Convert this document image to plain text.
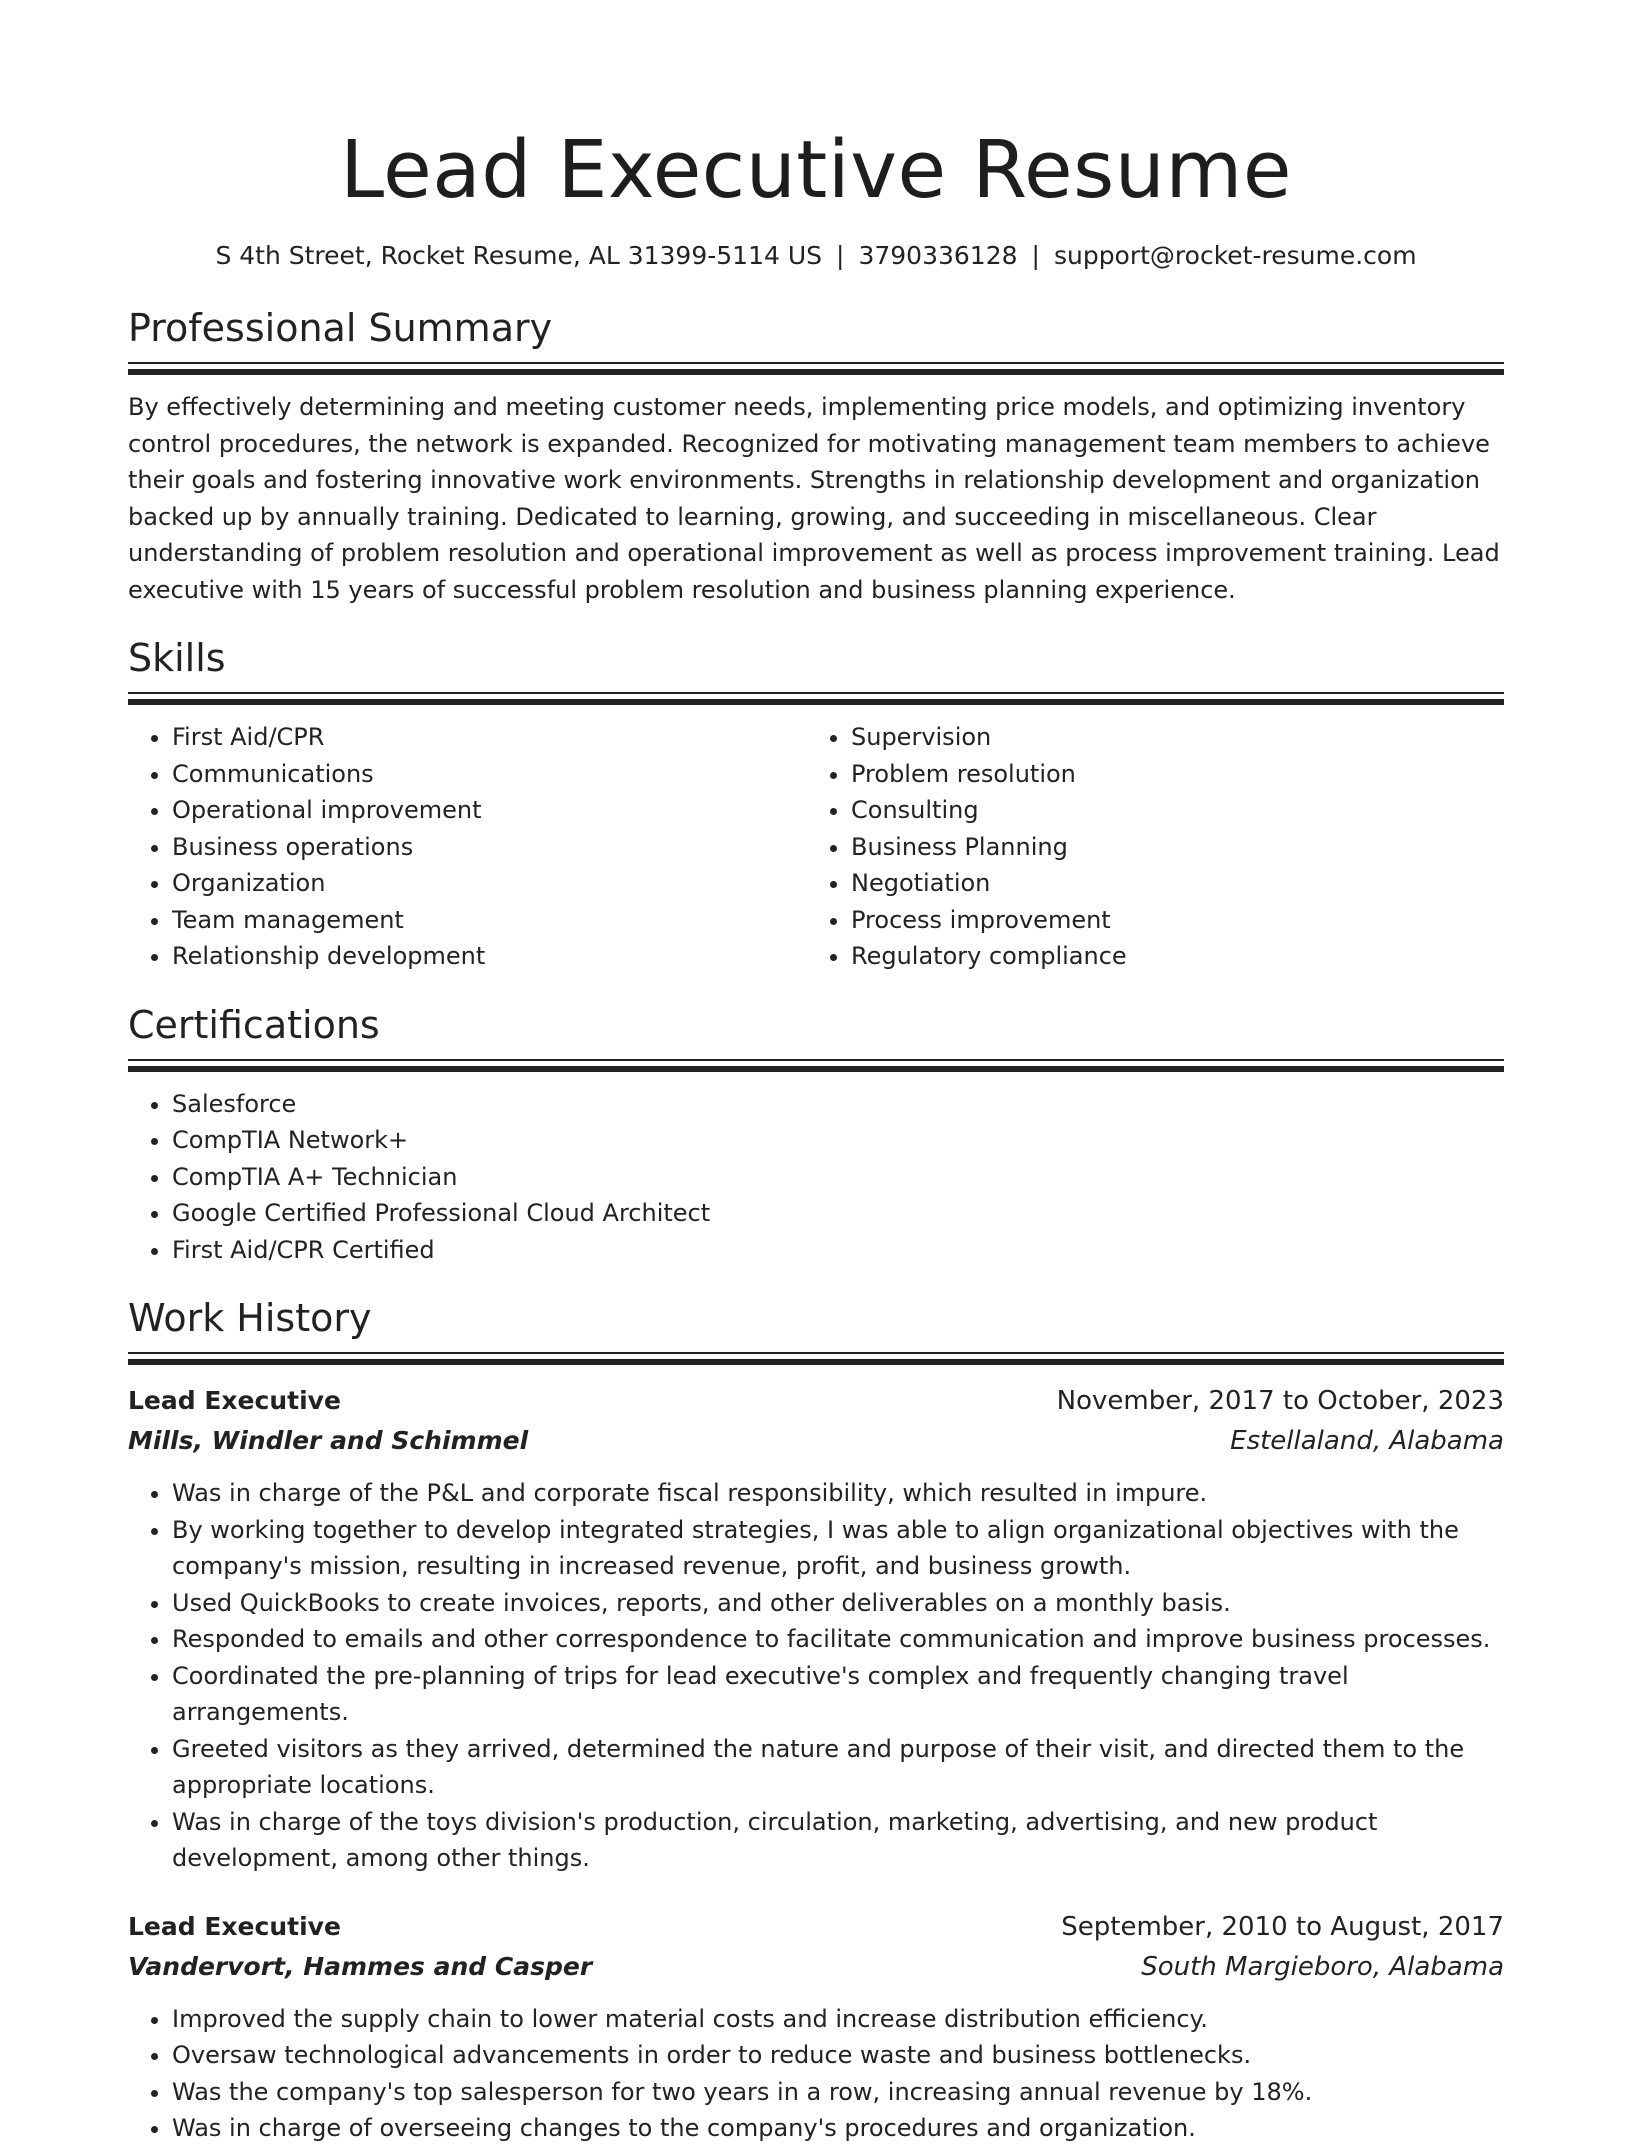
Lead Executive Resume
S 4th Street, Rocket Resume, AL 31399-5114 US | 3790336128 | support@rocket-resume.com
Professional Summary

By effectively determining and meeting customer needs, implementing price models, and optimizing inventory control procedures, the network is expanded. Recognized for motivating management team members to achieve their goals and fostering innovative work environments. Strengths in relationship development and organization backed up by annually training. Dedicated to learning, growing, and succeeding in miscellaneous. Clear understanding of problem resolution and operational improvement as well as process improvement training. Lead executive with 15 years of successful problem resolution and business planning experience.

Skills
• First Aid/CPR
• Communications
• Operational improvement
• Business operations
• Organization
• Team management
• Relationship development
• Supervision
• Problem resolution
• Consulting
• Business Planning
• Negotiation
• Process improvement
• Regulatory compliance
Certifications
• Salesforce
• CompTIA Network+
• CompTIA A+ Technician
• Google Certified Professional Cloud Architect
• First Aid/CPR Certified
Work History
Lead Executive	November, 2017 to October, 2023
Mills, Windler and Schimmel	Estellaland, Alabama
• Was in charge of the P&L and corporate fiscal responsibility, which resulted in impure.
• By working together to develop integrated strategies, I was able to align organizational objectives with the company's mission, resulting in increased revenue, profit, and business growth.
• Used QuickBooks to create invoices, reports, and other deliverables on a monthly basis.
• Responded to emails and other correspondence to facilitate communication and improve business processes.
• Coordinated the pre-planning of trips for lead executive's complex and frequently changing travel arrangements.
• Greeted visitors as they arrived, determined the nature and purpose of their visit, and directed them to the appropriate locations.
• Was in charge of the toys division's production, circulation, marketing, advertising, and new product development, among other things.
Lead Executive	September, 2010 to August, 2017
Vandervort, Hammes and Casper	South Margieboro, Alabama
• Improved the supply chain to lower material costs and increase distribution efficiency.
• Oversaw technological advancements in order to reduce waste and business bottlenecks.
• Was the company's top salesperson for two years in a row, increasing annual revenue by 18%.
• Was in charge of overseeing changes to the company's procedures and organization.
